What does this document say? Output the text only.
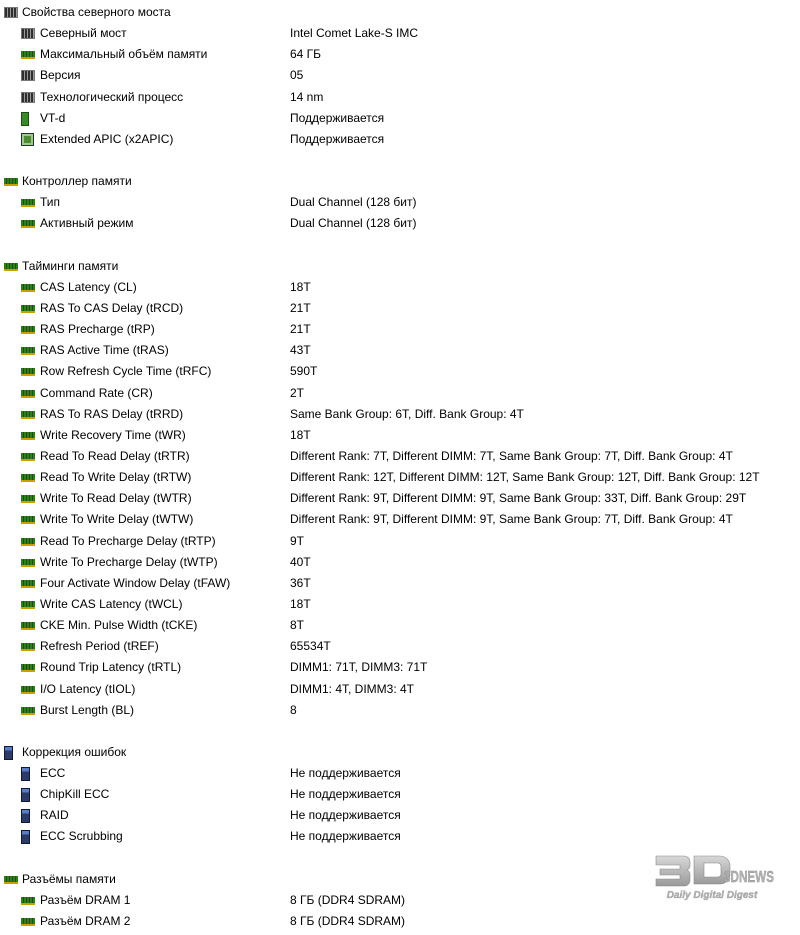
Свойства северного моста
Северный мост	Intel Comet Lake-S IMC
Максимальный объём памяти	64 ГБ
Версия	05
Технологический процесс	14 nm
VT-d	Поддерживается
Extended APIC (x2APIC)	Поддерживается
Контроллер памяти
Тип	Dual Channel (128 бит)
Активный режим	Dual Channel (128 бит)
Тайминги памяти
CAS Latency (CL)	18T
RAS To CAS Delay (tRCD)	21T
RAS Precharge (tRP)	21T
RAS Active Time (tRAS)	43T
Row Refresh Cycle Time (tRFC)	590T
Command Rate (CR)	2T
RAS To RAS Delay (tRRD)	Same Bank Group: 6T, Diff. Bank Group: 4T
Write Recovery Time (tWR)	18T
Read To Read Delay (tRTR)	Different Rank: 7T, Different DIMM: 7T, Same Bank Group: 7T, Diff. Bank Group: 4T
Read To Write Delay (tRTW)	Different Rank: 12T, Different DIMM: 12T, Same Bank Group: 12T, Diff. Bank Group: 12T
Write To Read Delay (tWTR)	Different Rank: 9T, Different DIMM: 9T, Same Bank Group: 33T, Diff. Bank Group: 29T
Write To Write Delay (tWTW)	Different Rank: 9T, Different DIMM: 9T, Same Bank Group: 7T, Diff. Bank Group: 4T
Read To Precharge Delay (tRTP)	9T
Write To Precharge Delay (tWTP)	40T
Four Activate Window Delay (tFAW)	36T
Write CAS Latency (tWCL)	18T
CKE Min. Pulse Width (tCKE)	8T
Refresh Period (tREF)	65534T
Round Trip Latency (tRTL)	DIMM1: 71T, DIMM3: 71T
I/O Latency (tIOL)	DIMM1: 4T, DIMM3: 4T
Burst Length (BL)	8
Коррекция ошибок
ECC	Не поддерживается
ChipKill ECC	Не поддерживается
RAID	Не поддерживается
ECC Scrubbing	Не поддерживается
Разъёмы памяти
Разъём DRAM 1	8 ГБ (DDR4 SDRAM)
Разъём DRAM 2	8 ГБ (DDR4 SDRAM)
3DNEWS
Daily Digital Digest
